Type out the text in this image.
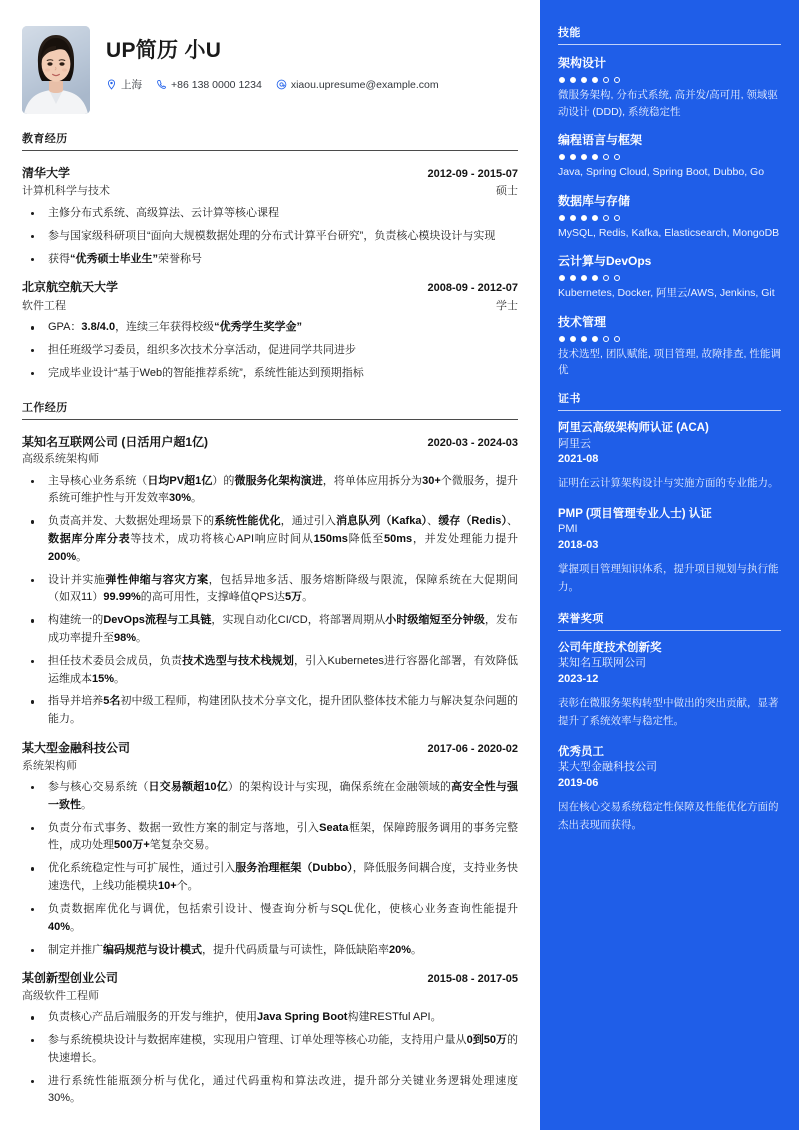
UP简历 小U
上海	+86 138 0000 1234	xiaou.upresume@example.com
教育经历
清华大学	2012-09 - 2015-07
计算机科学与技术	硕士
主修分布式系统、高级算法、云计算等核心课程
参与国家级科研项目“面向大规模数据处理的分布式计算平台研究”，负责核心模块设计与实现
获得“优秀硕士毕业生”荣誉称号
北京航空航天大学	2008-09 - 2012-07
软件工程	学士
GPA：3.8/4.0，连续三年获得校级“优秀学生奖学金”
担任班级学习委员，组织多次技术分享活动，促进同学共同进步
完成毕业设计“基于Web的智能推荐系统”，系统性能达到预期指标
工作经历
某知名互联网公司 (日活用户超1亿)	2020-03 - 2024-03
高级系统架构师
主导核心业务系统（日均PV超1亿）的微服务化架构演进，将单体应用拆分为30+个微服务，提升系统可维护性与开发效率30%。
负责高并发、大数据处理场景下的系统性能优化，通过引入消息队列（Kafka）、缓存（Redis）、数据库分库分表等技术，成功将核心API响应时间从150ms降低至50ms，并发处理能力提升200%。
设计并实施弹性伸缩与容灾方案，包括异地多活、服务熔断降级与限流，保障系统在大促期间（如双11）99.99%的高可用性，支撑峰值QPS达5万。
构建统一的DevOps流程与工具链，实现自动化CI/CD，将部署周期从小时级缩短至分钟级，发布成功率提升至98%。
担任技术委员会成员，负责技术选型与技术栈规划，引入Kubernetes进行容器化部署，有效降低运维成本15%。
指导并培养5名初中级工程师，构建团队技术分享文化，提升团队整体技术能力与解决复杂问题的能力。
某大型金融科技公司	2017-06 - 2020-02
系统架构师
参与核心交易系统（日交易额超10亿）的架构设计与实现，确保系统在金融领域的高安全性与强一致性。
负责分布式事务、数据一致性方案的制定与落地，引入Seata框架，保障跨服务调用的事务完整性，成功处理500万+笔复杂交易。
优化系统稳定性与可扩展性，通过引入服务治理框架（Dubbo），降低服务间耦合度，支持业务快速迭代，上线功能模块10+个。
负责数据库优化与调优，包括索引设计、慢查询分析与SQL优化，使核心业务查询性能提升40%。
制定并推广编码规范与设计模式，提升代码质量与可读性，降低缺陷率20%。
某创新型创业公司	2015-08 - 2017-05
高级软件工程师
负责核心产品后端服务的开发与维护，使用Java Spring Boot构建RESTful API。
参与系统模块设计与数据库建模，实现用户管理、订单处理等核心功能，支持用户量从0到50万的快速增长。
进行系统性能瓶颈分析与优化，通过代码重构和算法改进，提升部分关键业务逻辑处理速度30%。
技能
架构设计
微服务架构, 分布式系统, 高并发/高可用, 领域驱动设计 (DDD), 系统稳定性
编程语言与框架
Java, Spring Cloud, Spring Boot, Dubbo, Go
数据库与存储
MySQL, Redis, Kafka, Elasticsearch, MongoDB
云计算与DevOps
Kubernetes, Docker, 阿里云/AWS, Jenkins, Git
技术管理
技术选型, 团队赋能, 项目管理, 故障排查, 性能调优
证书
阿里云高级架构师认证 (ACA)
阿里云
2021-08
证明在云计算架构设计与实施方面的专业能力。
PMP (项目管理专业人士) 认证
PMI
2018-03
掌握项目管理知识体系，提升项目规划与执行能力。
荣誉奖项
公司年度技术创新奖
某知名互联网公司
2023-12
表彰在微服务架构转型中做出的突出贡献，显著提升了系统效率与稳定性。
优秀员工
某大型金融科技公司
2019-06
因在核心交易系统稳定性保障及性能优化方面的杰出表现而获得。
